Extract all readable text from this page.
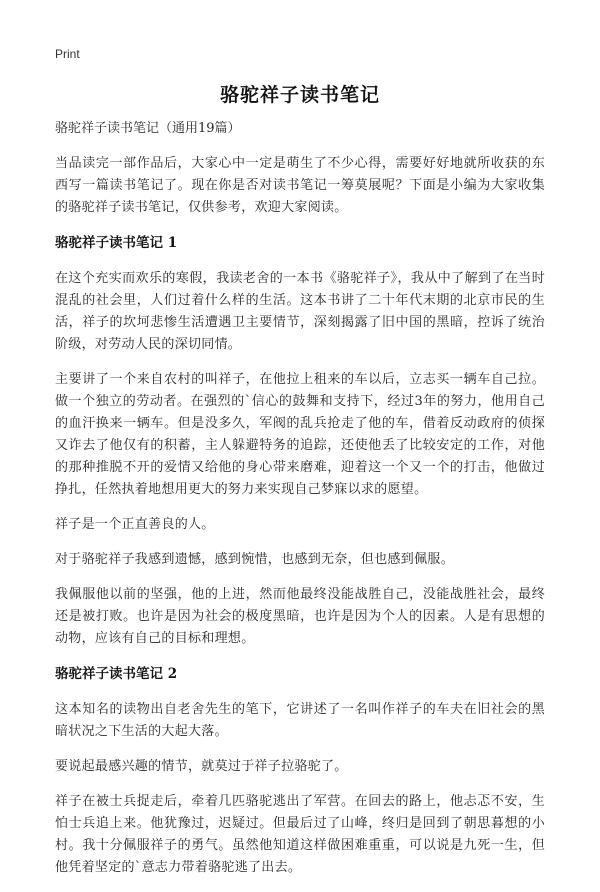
Print
骆驼祥子读书笔记

骆驼祥子读书笔记（通用19篇）

当品读完一部作品后，大家心中一定是萌生了不少心得，需要好好地就所收获的东西写一篇读书笔记了。现在你是否对读书笔记一筹莫展呢？下面是小编为大家收集的骆驼祥子读书笔记，仅供参考，欢迎大家阅读。

骆驼祥子读书笔记 1

在这个充实而欢乐的寒假，我读老舍的一本书《骆驼祥子》，我从中了解到了在当时混乱的社会里，人们过着什么样的生活。这本书讲了二十年代末期的北京市民的生活，祥子的坎坷悲惨生活遭遇卫主要情节，深刻揭露了旧中国的黑暗，控诉了统治阶级，对劳动人民的深切同情。

主要讲了一个来自农村的叫祥子，在他拉上租来的车以后，立志买一辆车自己拉。做一个独立的劳动者。在强烈的`信心的鼓舞和支持下，经过3年的努力，他用自己的血汗换来一辆车。但是没多久，军阀的乱兵抢走了他的车，借着反动政府的侦探又诈去了他仅有的积蓄，主人躲避特务的追踪，还使他丢了比较安定的工作，对他的那种推脱不开的爱情又给他的身心带来磨难，迎着这一个又一个的打击，他做过挣扎，任然执着地想用更大的努力来实现自己梦寐以求的愿望。

祥子是一个正直善良的人。

对于骆驼祥子我感到遗憾，感到惋惜，也感到无奈，但也感到佩服。

我佩服他以前的坚强，他的上进，然而他最终没能战胜自己，没能战胜社会，最终还是被打败。也许是因为社会的极度黑暗，也许是因为个人的因素。人是有思想的动物，应该有自己的目标和理想。

骆驼祥子读书笔记 2

这本知名的读物出自老舍先生的笔下，它讲述了一名叫作祥子的车夫在旧社会的黑暗状况之下生活的大起大落。

要说起最感兴趣的情节，就莫过于祥子拉骆驼了。

祥子在被士兵捉走后，牵着几匹骆驼逃出了军营。在回去的路上，他忐忑不安，生怕士兵追上来。他犹豫过，迟疑过。但最后过了山峰，终归是回到了朝思暮想的小村。我十分佩服祥子的勇气。虽然他知道这样做困难重重，可以说是九死一生，但他凭着坚定的`意志力带着骆驼逃了出去。
